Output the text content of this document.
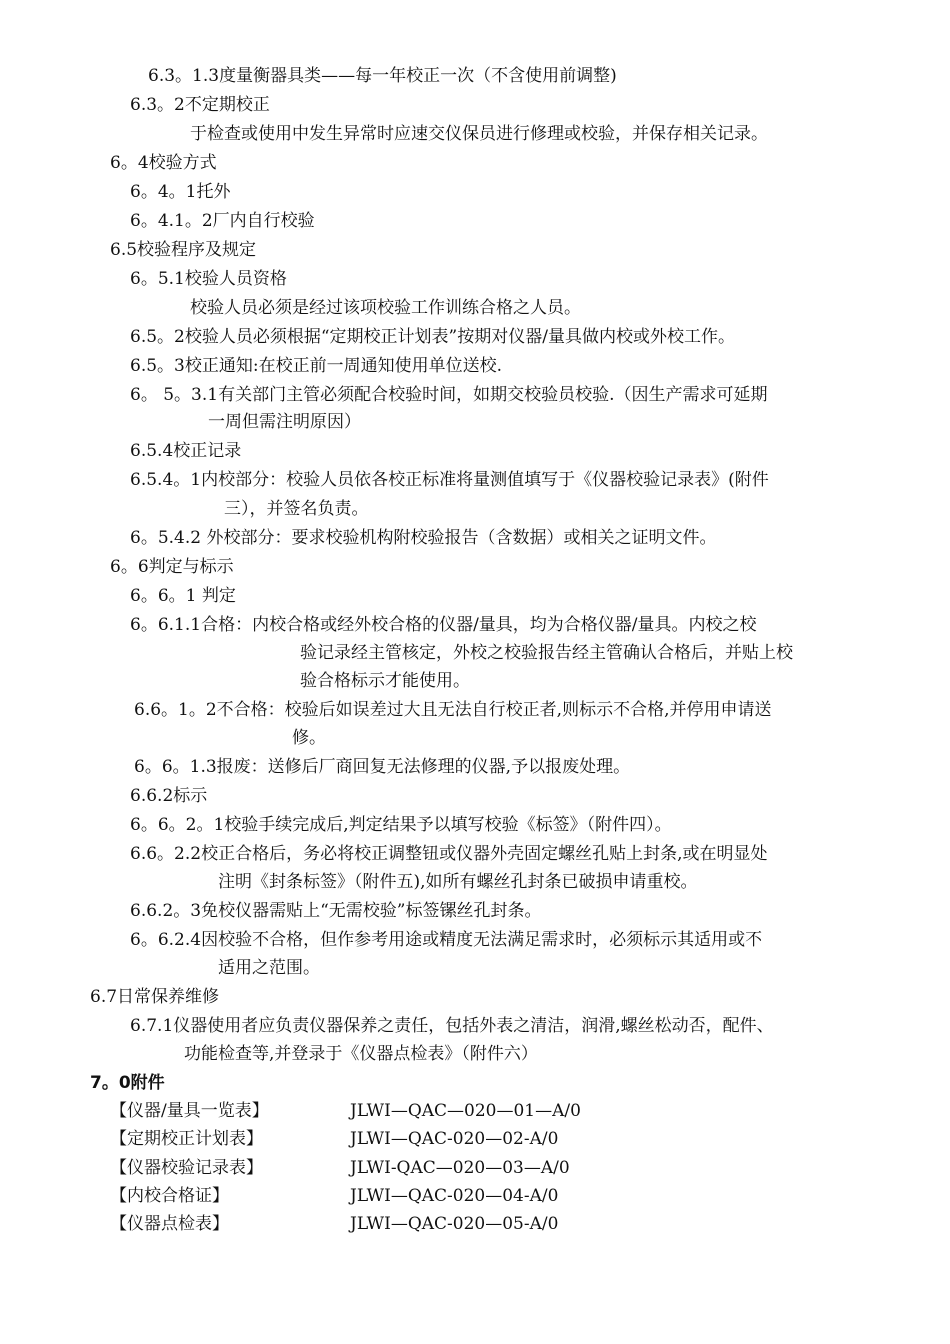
6.3。1.3度量衡器具类——每一年校正一次（不含使用前调整)
6.3。2不定期校正
于检查或使用中发生异常时应速交仪保员进行修理或校验，并保存相关记录。
6。4校验方式
6。4。1托外
6。4.1。2厂内自行校验
6.5校验程序及规定
6。5.1校验人员资格
校验人员必须是经过该项校验工作训练合格之人员。
6.5。2校验人员必须根据“定期校正计划表”按期对仪器/量具做内校或外校工作。
6.5。3校正通知:在校正前一周通知使用单位送校.
6。 5。3.1有关部门主管必须配合校验时间，如期交校验员校验.（因生产需求可延期
一周但需注明原因）
6.5.4校正记录
6.5.4。1内校部分：校验人员依各校正标准将量测值填写于《仪器校验记录表》(附件
三），并签名负责。
6。5.4.2 外校部分：要求校验机构附校验报告（含数据）或相关之证明文件。
6。6判定与标示
6。6。1 判定
6。6.1.1合格：内校合格或经外校合格的仪器/量具，均为合格仪器/量具。内校之校
验记录经主管核定，外校之校验报告经主管确认合格后，并贴上校
验合格标示才能使用。
6.6。1。2不合格：校验后如误差过大且无法自行校正者,则标示不合格,并停用申请送
修。
6。6。1.3报废：送修后厂商回复无法修理的仪器,予以报废处理。
6.6.2标示
6。6。2。1校验手续完成后,判定结果予以填写校验《标签》（附件四）。
6.6。2.2校正合格后，务必将校正调整钮或仪器外壳固定螺丝孔贴上封条,或在明显处
注明《封条标签》（附件五),如所有螺丝孔封条已破损申请重校。
6.6.2。3免校仪器需贴上“无需校验”标签镙丝孔封条。
6。6.2.4因校验不合格，但作参考用途或精度无法满足需求时，必须标示其适用或不
适用之范围。
6.7日常保养维修
6.7.1仪器使用者应负责仪器保养之责任，包括外表之清洁，润滑,螺丝松动否，配件、
功能检查等,并登录于《仪器点检表》（附件六）
7。0附件
【仪器/量具一览表】	JLWI—QAC—020—01—A/0
【定期校正计划表】	JLWI—QAC-020—02-A/0
【仪器校验记录表】	JLWI-QAC—020—03—A/0
【内校合格证】	JLWI—QAC-020—04-A/0
【仪器点检表】	JLWI—QAC-020—05-A/0
